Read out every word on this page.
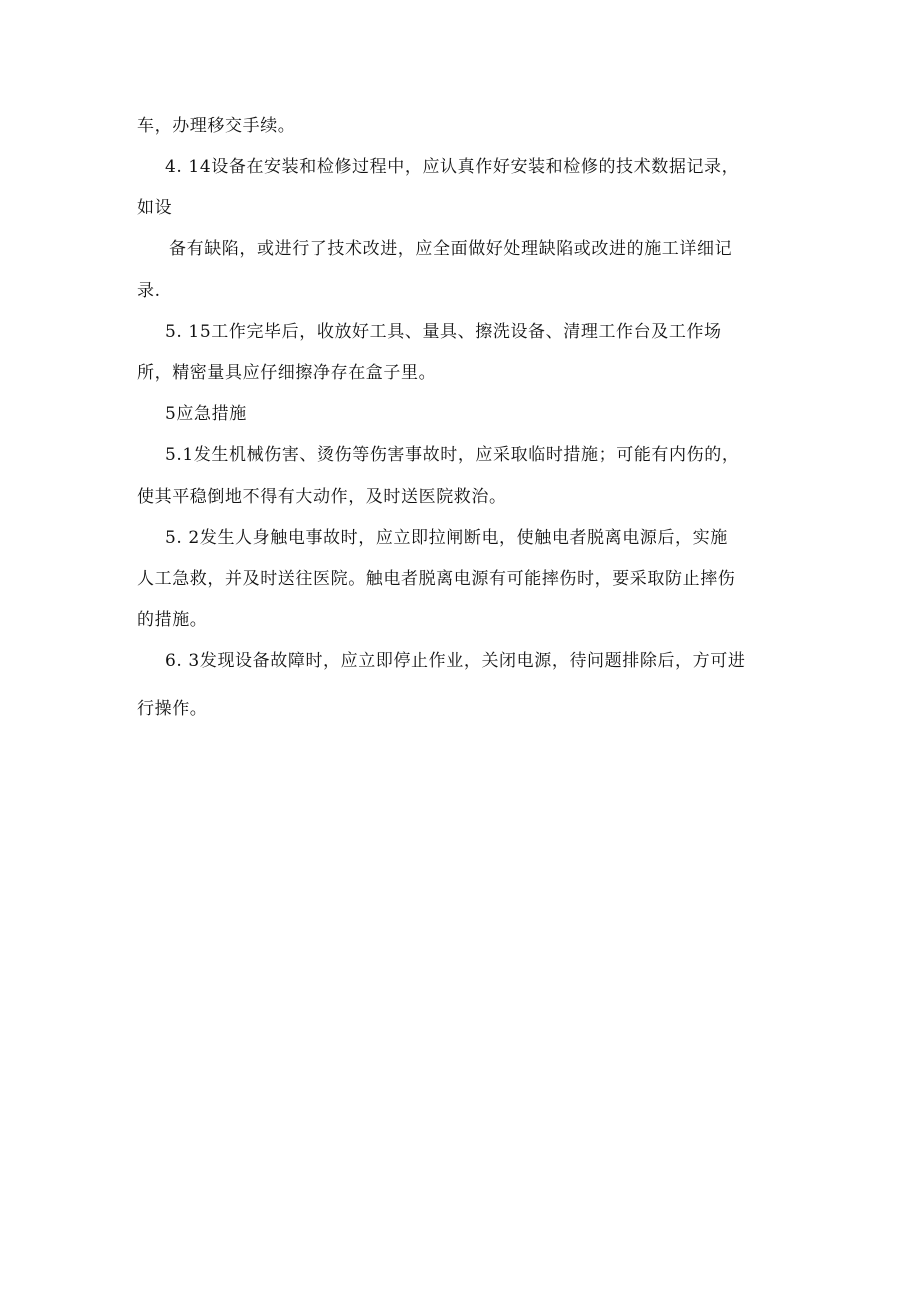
车，办理移交手续。
4. 14设备在安装和检修过程中，应认真作好安装和检修的技术数据记录，
如设
备有缺陷，或进行了技术改进，应全面做好处理缺陷或改进的施工详细记
录.
5. 15工作完毕后，收放好工具、量具、擦洗设备、清理工作台及工作场
所，精密量具应仔细擦净存在盒子里。
5应急措施
5.1发生机械伤害、烫伤等伤害事故时，应采取临时措施；可能有内伤的，
使其平稳倒地不得有大动作，及时送医院救治。
5. 2发生人身触电事故时，应立即拉闸断电，使触电者脱离电源后，实施
人工急救，并及时送往医院。触电者脱离电源有可能摔伤时，要采取防止摔伤
的措施。
6. 3发现设备故障时，应立即停止作业，关闭电源，待问题排除后，方可进
行操作。
